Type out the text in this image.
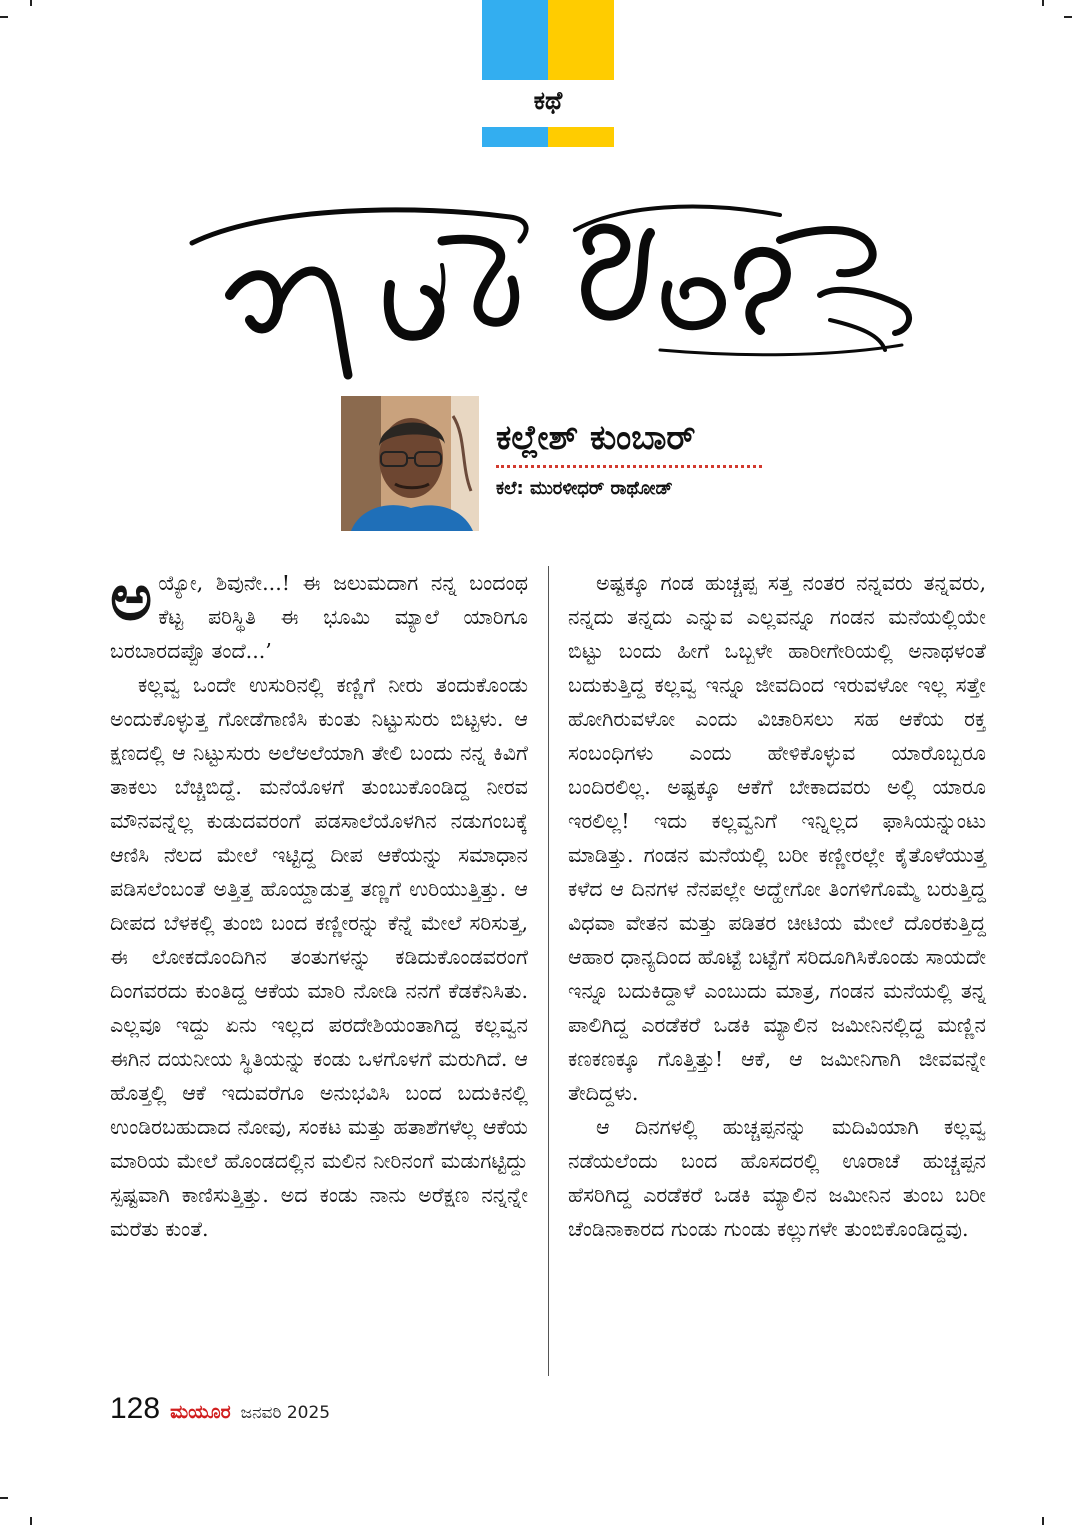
ಕಥೆ
ಕಲ್ಲೇಶ್ ಕುಂಬಾರ್
ಕಲೆ: ಮುರಳೀಧರ್ ರಾಥೋಡ್

ಅಯ್ಯೋ, ಶಿವುನೇ...! ಈ ಜಲುಮದಾಗ ನನ್ನ ಬಂದಂಥ ಕೆಟ್ಟ ಪರಿಸ್ಥಿತಿ ಈ ಭೂಮಿ ಮ್ಯಾಲೆ ಯಾರಿಗೂ ಬರಬಾರದಪ್ಪೊ ತಂದೆ...’

ಕಲ್ಲವ್ವ ಒಂದೇ ಉಸುರಿನಲ್ಲಿ ಕಣ್ಣಿಗೆ ನೀರು ತಂದುಕೊಂಡು ಅಂದುಕೊಳ್ಳುತ್ತ ಗೋಡೆಗಾಣಿಸಿ ಕುಂತು ನಿಟ್ಟುಸುರು ಬಿಟ್ಟಳು. ಆ ಕ್ಷಣದಲ್ಲಿ ಆ ನಿಟ್ಟುಸುರು ಅಲೆಅಲೆಯಾಗಿ ತೇಲಿ ಬಂದು ನನ್ನ ಕಿವಿಗೆ ತಾಕಲು ಬೆಚ್ಚಿಬಿದ್ದೆ. ಮನೆಯೊಳಗೆ ತುಂಬುಕೊಂಡಿದ್ದ ನೀರವ ಮೌನವನ್ನೆಲ್ಲ ಕುಡುದವರಂಗೆ ಪಡಸಾಲೆಯೊಳಗಿನ ನಡುಗಂಬಕ್ಕೆ ಆಣಿಸಿ ನೆಲದ ಮೇಲೆ ಇಟ್ಟಿದ್ದ ದೀಪ ಆಕೆಯನ್ನು ಸಮಾಧಾನ ಪಡಿಸಲೆಂಬಂತೆ ಅತ್ತಿತ್ತ ಹೊಯ್ದಾಡುತ್ತ ತಣ್ಣಗೆ ಉರಿಯುತ್ತಿತ್ತು. ಆ ದೀಪದ ಬೆಳಕಲ್ಲಿ ತುಂಬಿ ಬಂದ ಕಣ್ಣೀರನ್ನು ಕೆನ್ನೆ ಮೇಲೆ ಸರಿಸುತ್ತ, ಈ ಲೋಕದೊಂದಿಗಿನ ತಂತುಗಳನ್ನು ಕಡಿದುಕೊಂಡವರಂಗೆ ದಿಂಗವರದು ಕುಂತಿದ್ದ ಆಕೆಯ ಮಾರಿ ನೋಡಿ ನನಗೆ ಕೆಡಕೆನಿಸಿತು. ಎಲ್ಲವೂ ಇದ್ದು ಏನು ಇಲ್ಲದ ಪರದೇಶಿಯಂತಾಗಿದ್ದ ಕಲ್ಲವ್ವನ ಈಗಿನ ದಯನೀಯ ಸ್ಥಿತಿಯನ್ನು ಕಂಡು ಒಳಗೊಳಗೆ ಮರುಗಿದೆ. ಆ ಹೊತ್ತಲ್ಲಿ ಆಕೆ ಇದುವರೆಗೂ ಅನುಭವಿಸಿ ಬಂದ ಬದುಕಿನಲ್ಲಿ ಉಂಡಿರಬಹುದಾದ ನೋವು, ಸಂಕಟ ಮತ್ತು ಹತಾಶೆಗಳೆಲ್ಲ ಆಕೆಯ ಮಾರಿಯ ಮೇಲೆ ಹೊಂಡದಲ್ಲಿನ ಮಲಿನ ನೀರಿನಂಗೆ ಮಡುಗಟ್ಟಿದ್ದು ಸ್ಪಷ್ಟವಾಗಿ ಕಾಣಿಸುತ್ತಿತ್ತು. ಅದ ಕಂಡು ನಾನು ಅರೆಕ್ಷಣ ನನ್ನನ್ನೇ ಮರೆತು ಕುಂತೆ.

ಅಷ್ಟಕ್ಕೂ ಗಂಡ ಹುಚ್ಚಪ್ಪ ಸತ್ತ ನಂತರ ನನ್ನವರು ತನ್ನವರು, ನನ್ನದು ತನ್ನದು ಎನ್ನುವ ಎಲ್ಲವನ್ನೂ ಗಂಡನ ಮನೆಯಲ್ಲಿಯೇ ಬಿಟ್ಟು ಬಂದು ಹೀಗೆ ಒಬ್ಬಳೇ ಹಾರೀಗೇರಿಯಲ್ಲಿ ಅನಾಥಳಂತೆ ಬದುಕುತ್ತಿದ್ದ ಕಲ್ಲವ್ವ ಇನ್ನೂ ಜೀವದಿಂದ ಇರುವಳೋ ಇಲ್ಲ ಸತ್ತೇ ಹೋಗಿರುವಳೋ ಎಂದು ವಿಚಾರಿಸಲು ಸಹ ಆಕೆಯ ರಕ್ತ ಸಂಬಂಧಿಗಳು ಎಂದು ಹೇಳಿಕೊಳ್ಳುವ ಯಾರೊಬ್ಬರೂ ಬಂದಿರಲಿಲ್ಲ. ಅಷ್ಟಕ್ಕೂ ಆಕೆಗೆ ಬೇಕಾದವರು ಅಲ್ಲಿ ಯಾರೂ ಇರಲಿಲ್ಲ! ಇದು ಕಲ್ಲವ್ವನಿಗೆ ಇನ್ನಿಲ್ಲದ ಫಾಸಿಯನ್ನುಂಟು ಮಾಡಿತ್ತು. ಗಂಡನ ಮನೆಯಲ್ಲಿ ಬರೀ ಕಣ್ಣೀರಲ್ಲೇ ಕೈತೊಳೆಯುತ್ತ ಕಳೆದ ಆ ದಿನಗಳ ನೆನಪಲ್ಲೇ ಅದ್ಹೇಗೋ ತಿಂಗಳಿಗೊಮ್ಮೆ ಬರುತ್ತಿದ್ದ ವಿಧವಾ ವೇತನ ಮತ್ತು ಪಡಿತರ ಚೀಟಿಯ ಮೇಲೆ ದೊರಕುತ್ತಿದ್ದ ಆಹಾರ ಧಾನ್ಯದಿಂದ ಹೊಟ್ಟೆ ಬಟ್ಟೆಗೆ ಸರಿದೂಗಿಸಿಕೊಂಡು ಸಾಯದೇ ಇನ್ನೂ ಬದುಕಿದ್ದಾಳೆ ಎಂಬುದು ಮಾತ್ರ, ಗಂಡನ ಮನೆಯಲ್ಲಿ ತನ್ನ ಪಾಲಿಗಿದ್ದ ಎರಡೆಕರೆ ಒಡಕಿ ಮ್ಯಾಲಿನ ಜಮೀನಿನಲ್ಲಿದ್ದ ಮಣ್ಣಿನ ಕಣಕಣಕ್ಕೂ ಗೊತ್ತಿತ್ತು! ಆಕೆ, ಆ ಜಮೀನಿಗಾಗಿ ಜೀವವನ್ನೇ ತೇದಿದ್ದಳು.

ಆ ದಿನಗಳಲ್ಲಿ ಹುಚ್ಚಪ್ಪನನ್ನು ಮದಿವಿಯಾಗಿ ಕಲ್ಲವ್ವ ನಡೆಯಲೆಂದು ಬಂದ ಹೊಸದರಲ್ಲಿ ಊರಾಚೆ ಹುಚ್ಚಪ್ಪನ ಹೆಸರಿಗಿದ್ದ ಎರಡೆಕರೆ ಒಡಕಿ ಮ್ಯಾಲಿನ ಜಮೀನಿನ ತುಂಬ ಬರೀ ಚೆಂಡಿನಾಕಾರದ ಗುಂಡು ಗುಂಡು ಕಲ್ಲುಗಳೇ ತುಂಬಿಕೊಂಡಿದ್ದವು.

128 ಮಯೂರ ಜನವರಿ 2025
